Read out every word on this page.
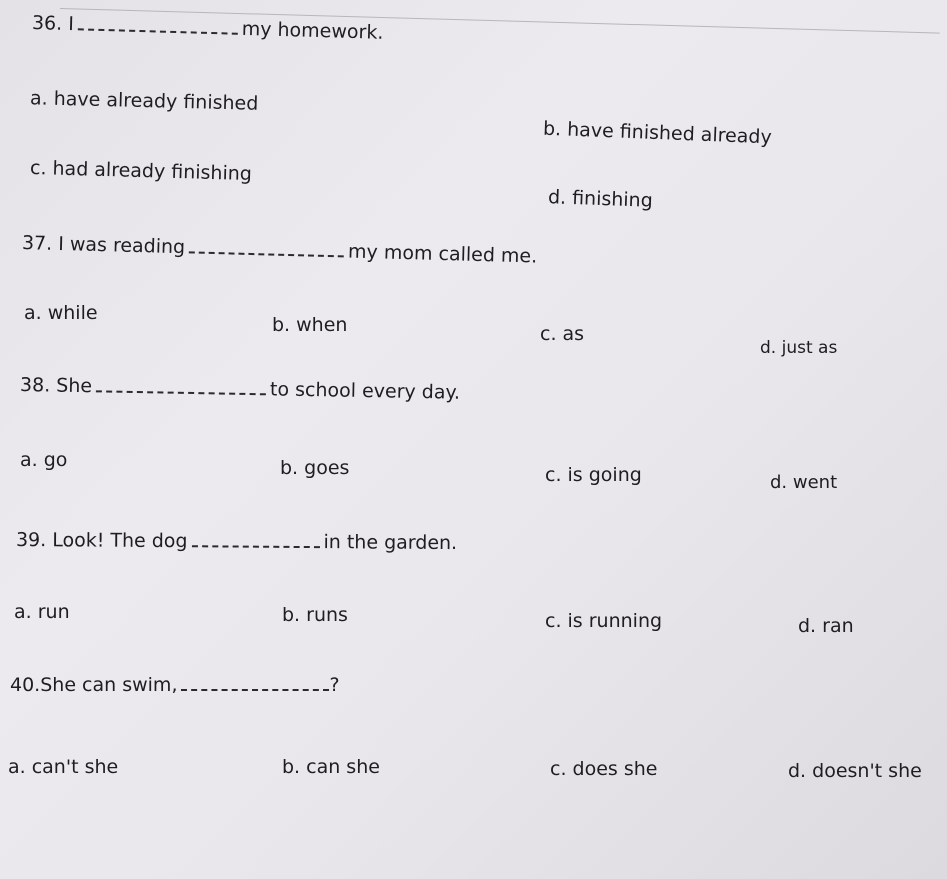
36. I	my homework.
a. have already finished
b. have finished already
c. had already finishing
d. finishing
37. I was reading	my mom called me.
a. while
b. when	c. as
d. just as
38. She	to school every day.
a. go	b. goes	c. is going	d. went
39. Look! The dog	in the garden.
a. run	b. runs	c. is running	d. ran
40.She can swim,	?
a. can't she	b. can she	c. does she	d. doesn't she
